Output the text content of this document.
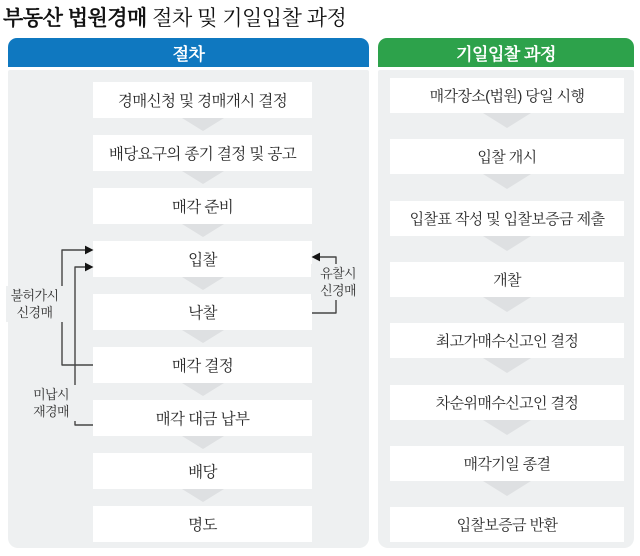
부동산 법원경매 절차 및 기일입찰 과정
절차	기일입찰 과정
경매신청 및 경매개시 결정
배당요구의 종기 결정 및 공고
매각 준비
입찰
낙찰
매각 결정
매각 대금 납부
배당
명도
매각장소(법원) 당일 시행
입찰 개시
입찰표 작성 및 입찰보증금 제출
개찰
최고가매수신고인 결정
차순위매수신고인 결정
매각기일 종결
입찰보증금 반환
불허가시
신경매
미납시
재경매
유찰시
신경매
